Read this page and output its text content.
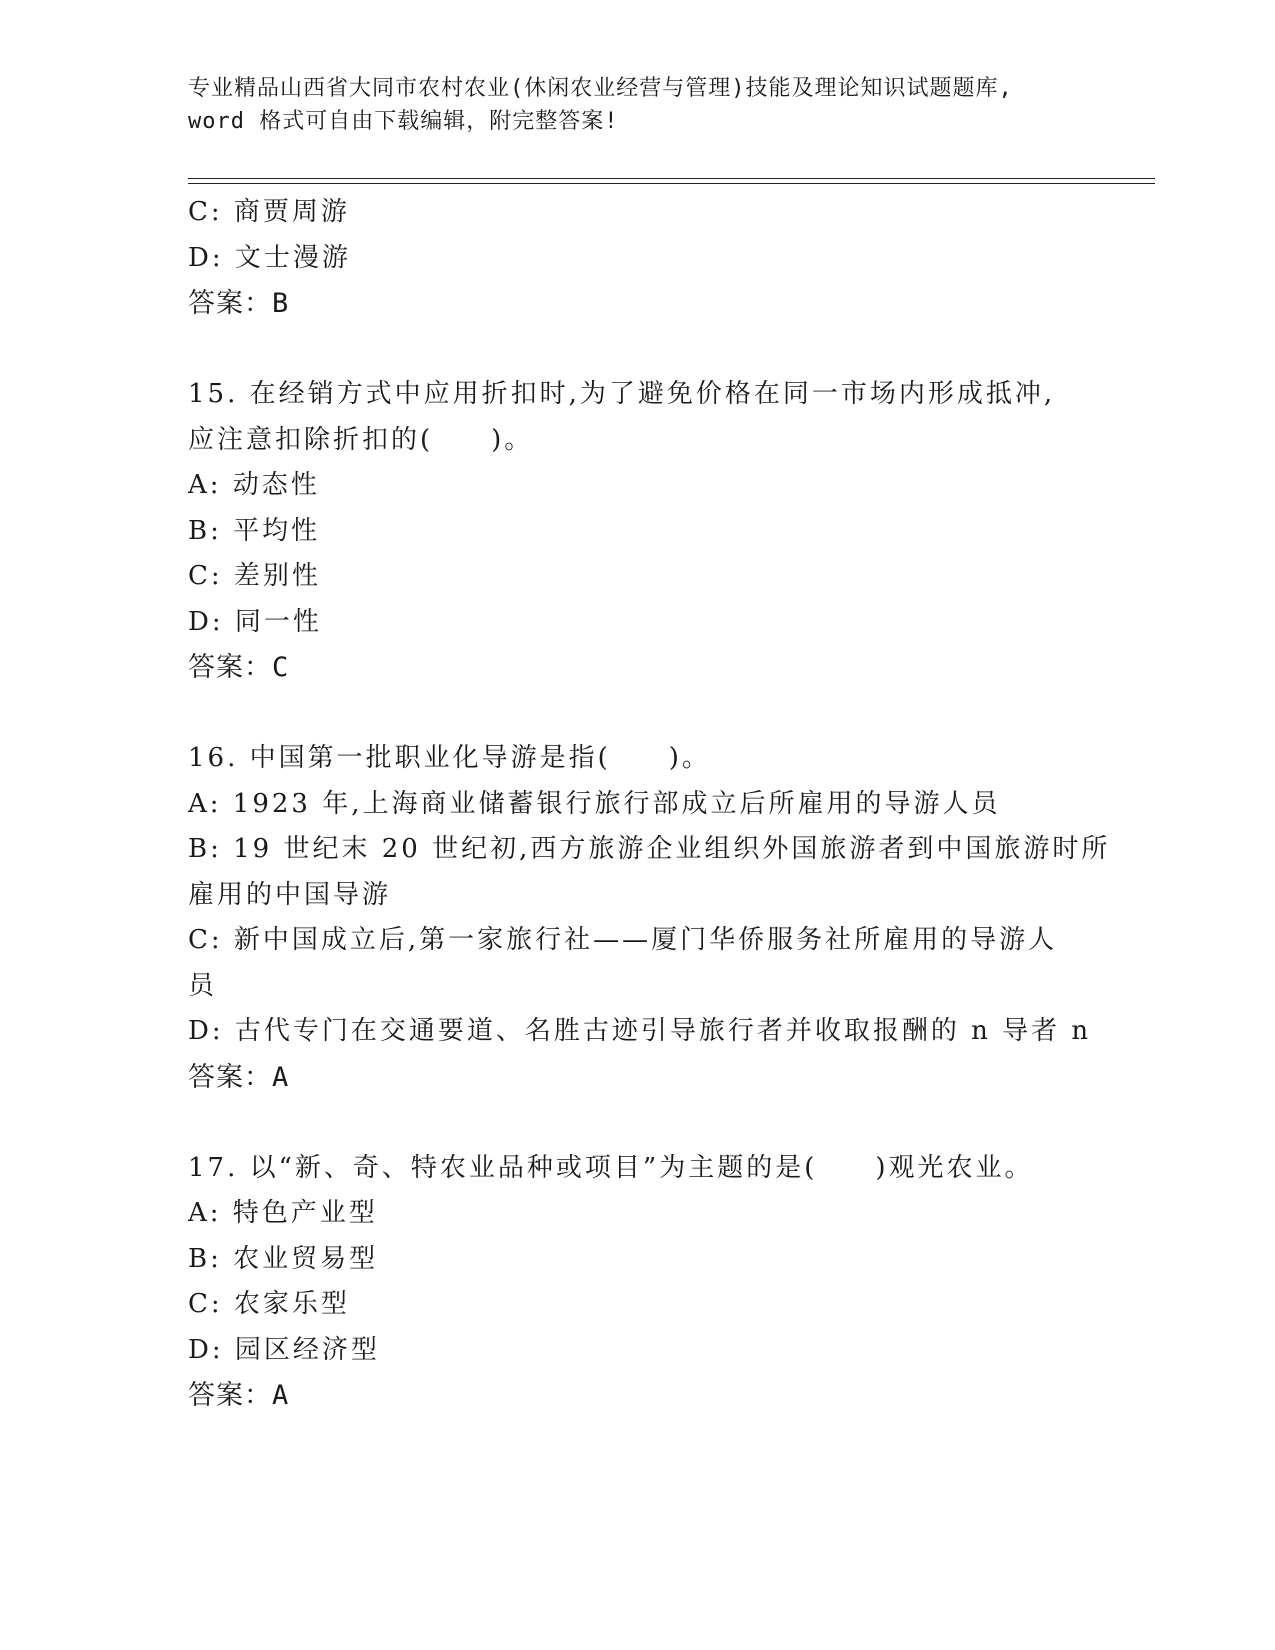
专业精品山西省大同市农村农业(休闲农业经营与管理)技能及理论知识试题题库,
word 格式可自由下载编辑，附完整答案!
C: 商贾周游
D: 文士漫游
答案：B
15. 在经销方式中应用折扣时,为了避免价格在同一市场内形成抵冲,
应注意扣除折扣的(　　)。
A: 动态性
B: 平均性
C: 差别性
D: 同一性
答案：C
16. 中国第一批职业化导游是指(　　)。
A: 1923 年,上海商业储蓄银行旅行部成立后所雇用的导游人员
B: 19 世纪末 20 世纪初,西方旅游企业组织外国旅游者到中国旅游时所
雇用的中国导游
C: 新中国成立后,第一家旅行社——厦门华侨服务社所雇用的导游人
员
D: 古代专门在交通要道、名胜古迹引导旅行者并收取报酬的 n 导者 n
答案：A
17. 以“新、奇、特农业品种或项目”为主题的是(　　)观光农业。
A: 特色产业型
B: 农业贸易型
C: 农家乐型
D: 园区经济型
答案：A
